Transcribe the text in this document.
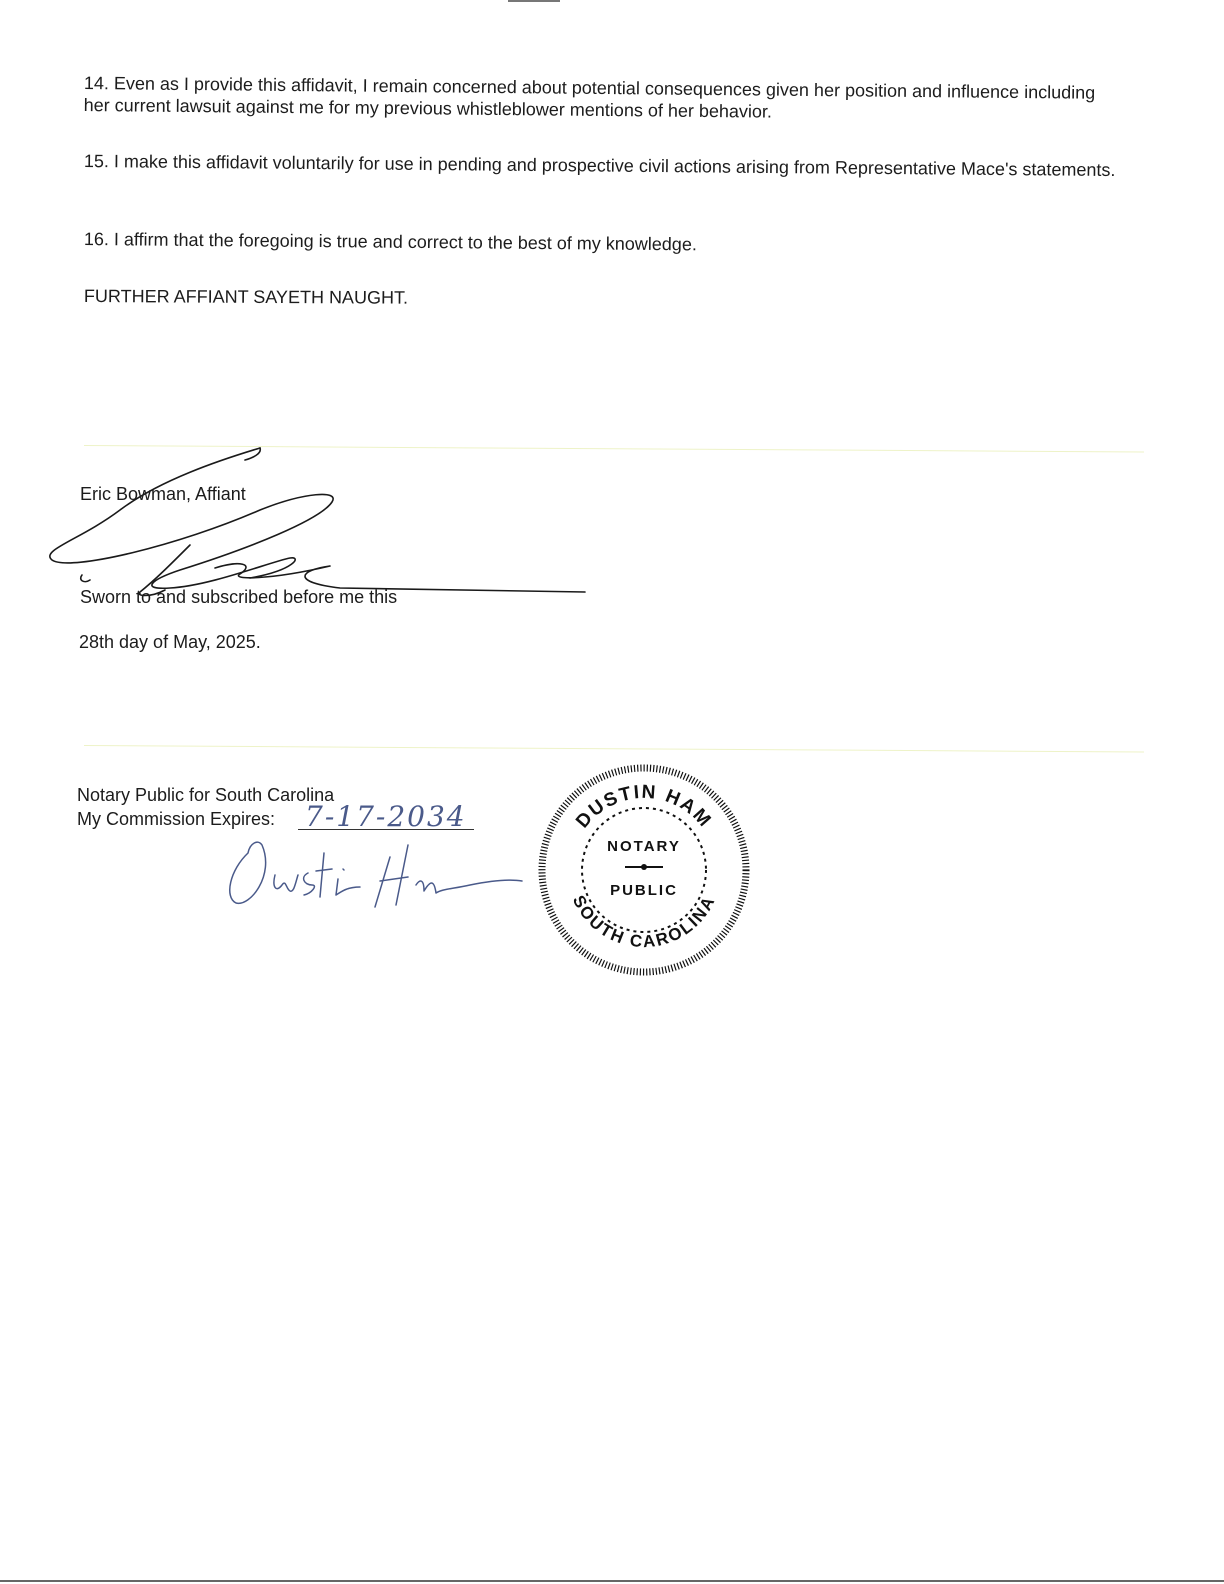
14. Even as I provide this affidavit, I remain concerned about potential consequences given her position and influence including her current lawsuit against me for my previous whistleblower mentions of her behavior.

15. I make this affidavit voluntarily for use in pending and prospective civil actions arising from Representative Mace's statements.

16. I affirm that the foregoing is true and correct to the best of my knowledge.

FURTHER AFFIANT SAYETH NAUGHT.

Eric Bowman, Affiant

Sworn to and subscribed before me this

28th day of May, 2025.

Notary Public for South Carolina

My Commission Expires: 7-17-2034	DUSTIN HAM
SOUTH CAROLINA
NOTARY
PUBLIC
